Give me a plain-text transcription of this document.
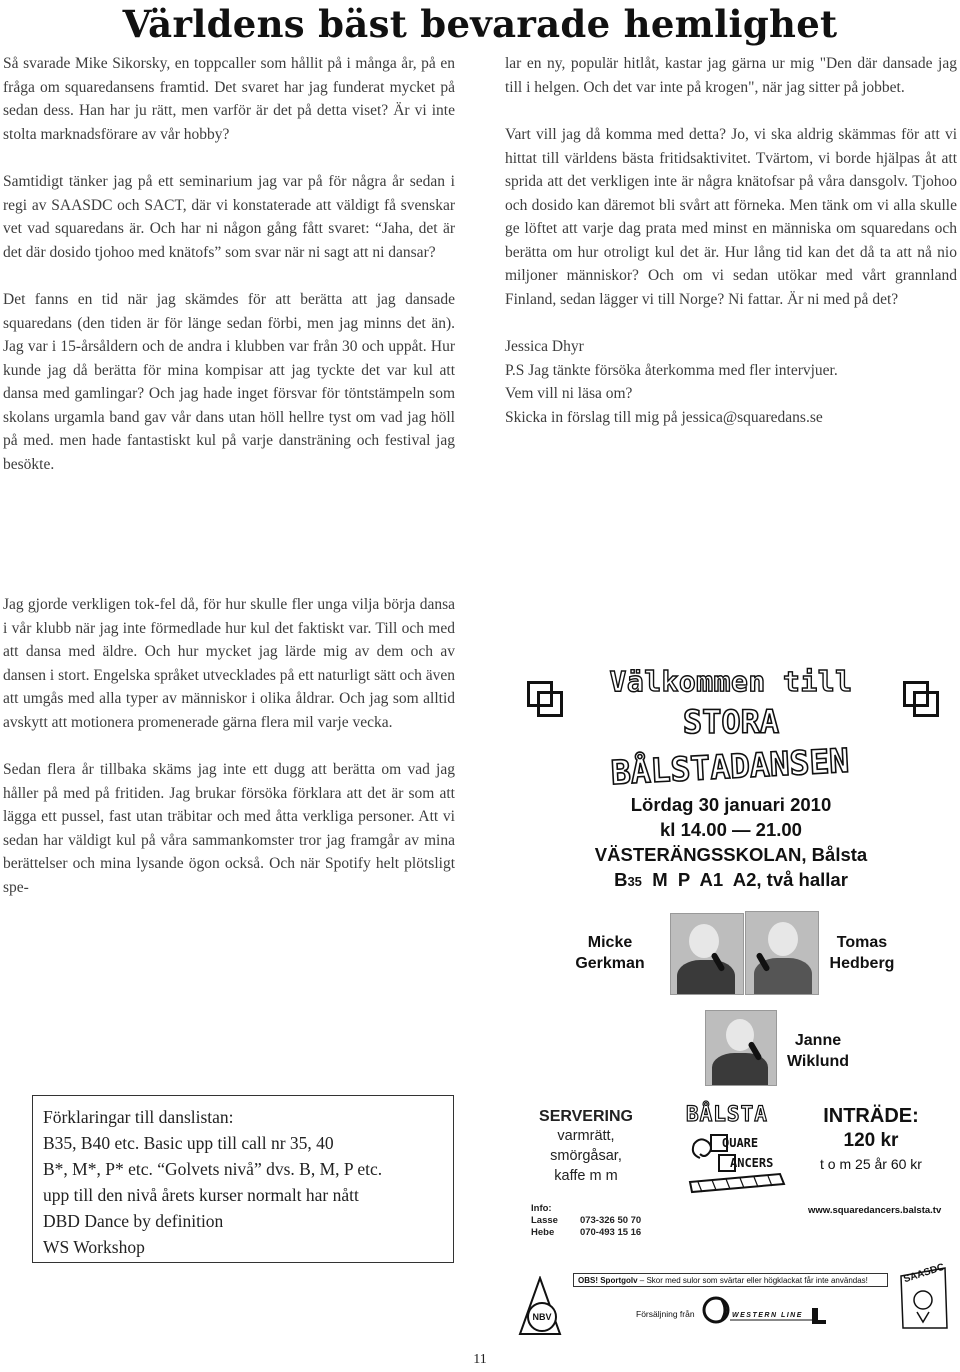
Världens bäst bevarade hemlighet

Så svarade Mike Sikorsky, en toppcaller som hållit på i många år, på en fråga om squaredansens framtid. Det svaret har jag funderat mycket på sedan dess. Han har ju rätt, men varför är det på detta viset? Är vi inte stolta marknadsförare av vår hobby?

Samtidigt tänker jag på ett seminarium jag var på för några år sedan i regi av SAASDC och SACT, där vi konstaterade att väldigt få svenskar vet vad squaredans är. Och har ni någon gång fått svaret: “Jaha, det är det där dosido tjohoo med knätofs” som svar när ni sagt att ni dansar?

Det fanns en tid när jag skämdes för att berätta att jag dansade squaredans (den tiden är för länge sedan förbi, men jag minns det än). Jag var i 15-årsåldern och de andra i klubben var från 30 och uppåt. Hur kunde jag då berätta för mina kompisar att jag tyckte det var kul att dansa med gamlingar? Och jag hade inget försvar för töntstämpeln som skolans urgamla band gav vår dans utan höll hellre tyst om vad jag höll på med. men hade fantastiskt kul på varje dansträning och festival jag besökte.

Jag gjorde verkligen tok-fel då, för hur skulle fler unga vilja börja dansa i vår klubb när jag inte förmedlade hur kul det faktiskt var. Till och med att dansa med äldre. Och hur mycket jag lärde mig av dem och av dansen i stort. Engelska språket utvecklades på ett naturligt sätt och även att umgås med alla typer av människor i olika åldrar. Och jag som alltid avskytt att motionera promenerade gärna flera mil varje vecka.

Sedan flera år tillbaka skäms jag inte ett dugg att berätta om vad jag håller på med på fritiden. Jag brukar försöka förklara att det är som att lägga ett pussel, fast utan träbitar och med åtta verkliga personer. Att vi sedan har väldigt kul på våra sammankomster tror jag framgår av mina berättelser och mina lysande ögon också. Och när Spotify helt plötsligt spe-

lar en ny, populär hitlåt, kastar jag gärna ur mig "Den där dansade jag till i helgen. Och det var inte på krogen", när jag sitter på jobbet.

Vart vill jag då komma med detta? Jo, vi ska aldrig skämmas för att vi hittat till världens bästa fritidsaktivitet. Tvärtom, vi borde hjälpas åt att sprida att det verkligen inte är några knätofsar på våra dansgolv. Tjohoo och dosido kan däremot bli svårt att förneka. Men tänk om vi alla skulle ge löftet att varje dag prata med minst en människa om squaredans och berätta om hur otroligt kul det är. Hur lång tid kan det då ta att nå nio miljoner människor? Och om vi sedan utökar med vårt grannland Finland, sedan lägger vi till Norge? Ni fattar. Är ni med på det?

Jessica Dhyr
P.S Jag tänkte försöka återkomma med fler intervjuer.
Vem vill ni läsa om?
Skicka in förslag till mig på jessica@squaredans.se
Välkommen till
STORA
BÅLSTADANSEN
Lördag 30 januari 2010
kl 14.00 — 21.00
VÄSTERÄNGSSKOLAN, Bålsta
B35  M  P  A1  A2, två hallar
Micke
Gerkman
Tomas
Hedberg
Janne
Wiklund
Förklaringar till danslistan:
B35, B40 etc. Basic upp till call nr 35, 40
B*, M*, P* etc. “Golvets nivå” dvs. B, M, P etc.
upp till den nivå årets kurser normalt har nått
DBD Dance by definition
WS Workshop
SERVERING
varmrätt,
smörgåsar,
kaffe m m
Info:
Lasse	073-326 50 70
Hebe	070-493 15 16
BÅLSTA
QUARE
ANCERS
INTRÄDE:
120 kr
t o m 25 år 60 kr
www.squaredancers.balsta.tv
OBS! Sportgolv – Skor med sulor som svärtar eller högklackat får inte användas!
NBV	Försäljning från	WESTERN LINE
SAASDC
11
